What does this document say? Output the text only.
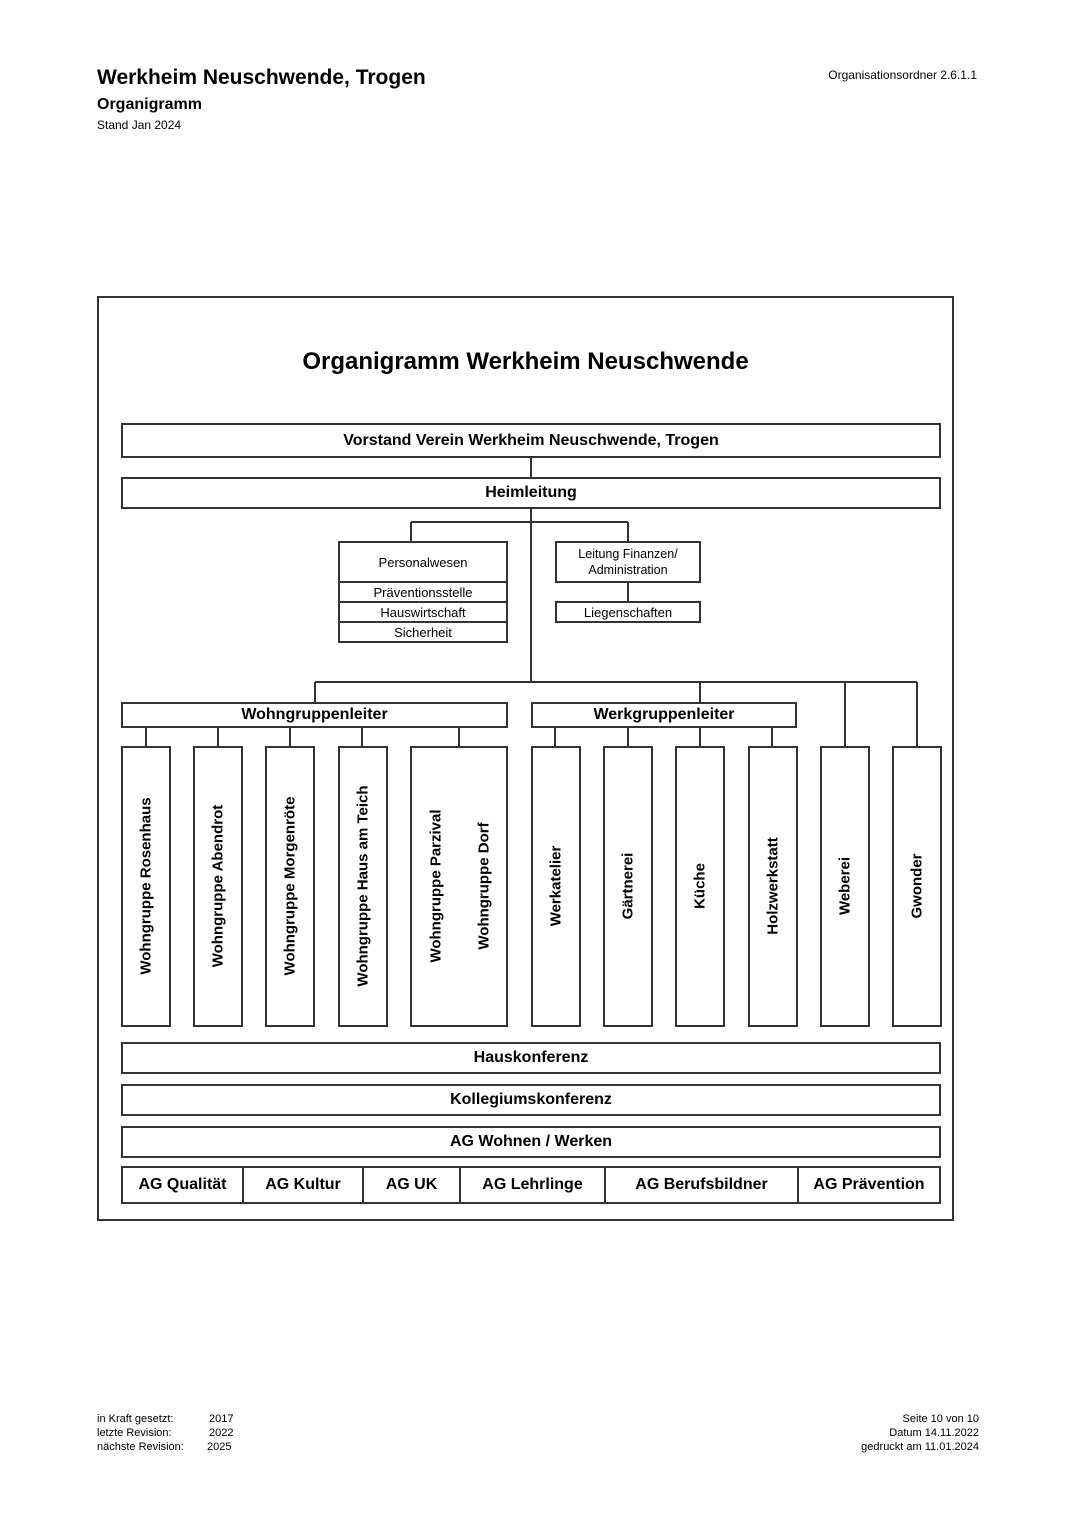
Werkheim Neuschwende, Trogen
Organigramm
Stand Jan 2024
Organisationsordner 2.6.1.1
Organigramm Werkheim Neuschwende
Vorstand Verein Werkheim Neuschwende, Trogen
Heimleitung
Personalwesen
Präventionsstelle
Hauswirtschaft
Sicherheit
Leitung Finanzen/
Administration
Liegenschaften
Wohngruppenleiter	Werkgruppenleiter
Wohngruppe Rosenhaus	Wohngruppe Abendrot	Wohngruppe Morgenröte	Wohngruppe Haus am Teich	Wohngruppe Parzival Wohngruppe Dorf	Werkatelier	Gärtnerei	Küche	Holzwerkstatt	Weberei	Gwonder
Hauskonferenz
Kollegiumskonferenz
AG Wohnen / Werken
AG Qualität AG Kultur	AG UK	AG Lehrlinge	AG Berufsbildner	AG Prävention
in Kraft gesetzt:	2017
letzte Revision:	2022
nächste Revision:	2025
Seite 10 von 10
Datum 14.11.2022
gedruckt am 11.01.2024
